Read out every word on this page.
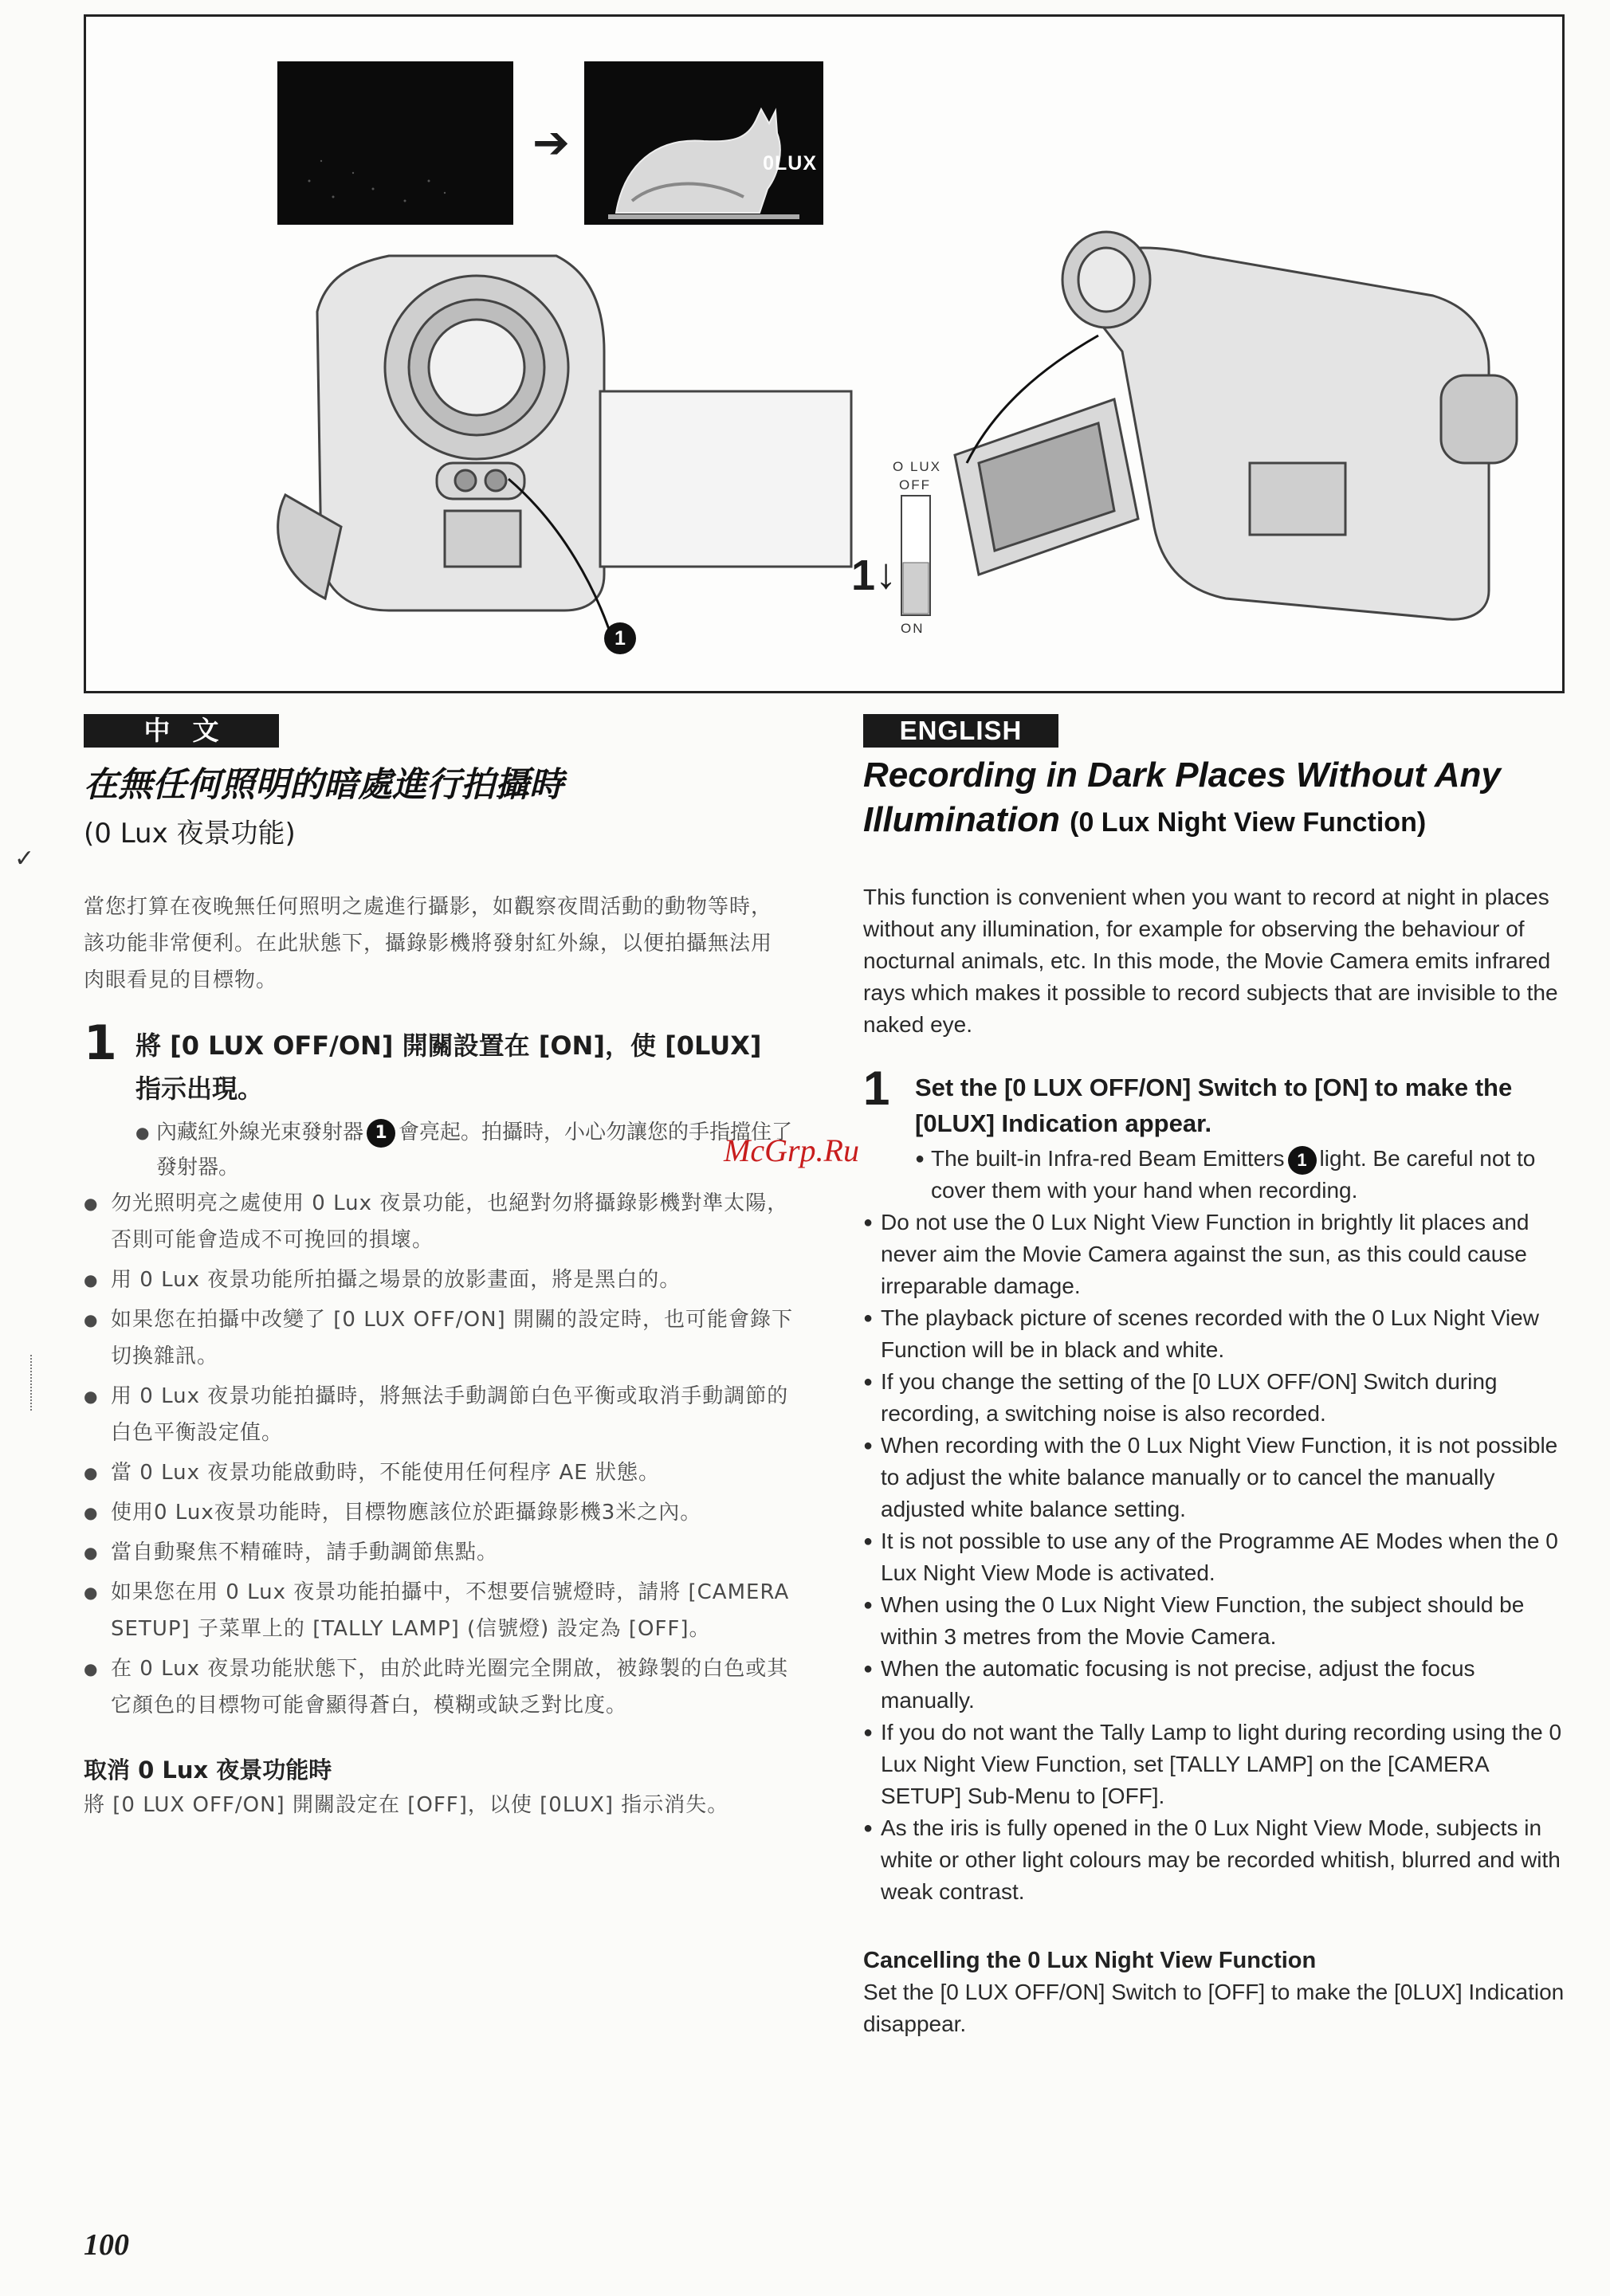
➔	0LUX
O LUX
OFF
ON
1 ↓
1
✓
中文	ENGLISH
在無任何照明的暗處進行拍攝時
(0 Lux 夜景功能)

當您打算在夜晚無任何照明之處進行攝影，如觀察夜間活動的動物等時，該功能非常便利。在此狀態下，攝錄影機將發射紅外線，以便拍攝無法用肉眼看見的目標物。

1 將 [0 LUX OFF/ON] 開關設置在 [ON]，使 [0LUX] 指示出現。
● 內藏紅外線光束發射器 1 會亮起。拍攝時，小心勿讓您的手指擋住了發射器。
● 勿光照明亮之處使用 0 Lux 夜景功能，也絕對勿將攝錄影機對準太陽，否則可能會造成不可挽回的損壞。
● 用 0 Lux 夜景功能所拍攝之場景的放影畫面，將是黑白的。
● 如果您在拍攝中改變了 [0 LUX OFF/ON] 開關的設定時，也可能會錄下切換雜訊。
● 用 0 Lux 夜景功能拍攝時，將無法手動調節白色平衡或取消手動調節的白色平衡設定值。
● 當 0 Lux 夜景功能啟動時，不能使用任何程序 AE 狀態。
● 使用0 Lux夜景功能時，目標物應該位於距攝錄影機3米之內。
● 當自動聚焦不精確時，請手動調節焦點。
● 如果您在用 0 Lux 夜景功能拍攝中，不想要信號燈時，請將 [CAMERA SETUP] 子菜單上的 [TALLY LAMP] (信號燈) 設定為 [OFF]。
● 在 0 Lux 夜景功能狀態下，由於此時光圈完全開啟，被錄製的白色或其它顏色的目標物可能會顯得蒼白，模糊或缺乏對比度。
取消 0 Lux 夜景功能時
將 [0 LUX OFF/ON] 開關設定在 [OFF]，以使 [0LUX] 指示消失。
Recording in Dark Places Without Any Illumination (0 Lux Night View Function)

This function is convenient when you want to record at night in places without any illumination, for example for observing the behaviour of nocturnal animals, etc. In this mode, the Movie Camera emits infrared rays which makes it possible to record subjects that are invisible to the naked eye.

1 Set the [0 LUX OFF/ON] Switch to [ON] to make the [0LUX] Indication appear.
● The built-in Infra-red Beam Emitters 1 light. Be careful not to cover them with your hand when recording.
● Do not use the 0 Lux Night View Function in brightly lit places and never aim the Movie Camera against the sun, as this could cause irreparable damage.
● The playback picture of scenes recorded with the 0 Lux Night View Function will be in black and white.
● If you change the setting of the [0 LUX OFF/ON] Switch during recording, a switching noise is also recorded.
● When recording with the 0 Lux Night View Function, it is not possible to adjust the white balance manually or to cancel the manually adjusted white balance setting.
● It is not possible to use any of the Programme AE Modes when the 0 Lux Night View Mode is activated.
● When using the 0 Lux Night View Function, the subject should be within 3 metres from the Movie Camera.
● When the automatic focusing is not precise, adjust the focus manually.
● If you do not want the Tally Lamp to light during recording using the 0 Lux Night View Function, set [TALLY LAMP] on the [CAMERA SETUP] Sub-Menu to [OFF].
● As the iris is fully opened in the 0 Lux Night View Mode, subjects in white or other light colours may be recorded whitish, blurred and with weak contrast.
Cancelling the 0 Lux Night View Function
Set the [0 LUX OFF/ON] Switch to [OFF] to make the [0LUX] Indication disappear.
McGrp.Ru
100
